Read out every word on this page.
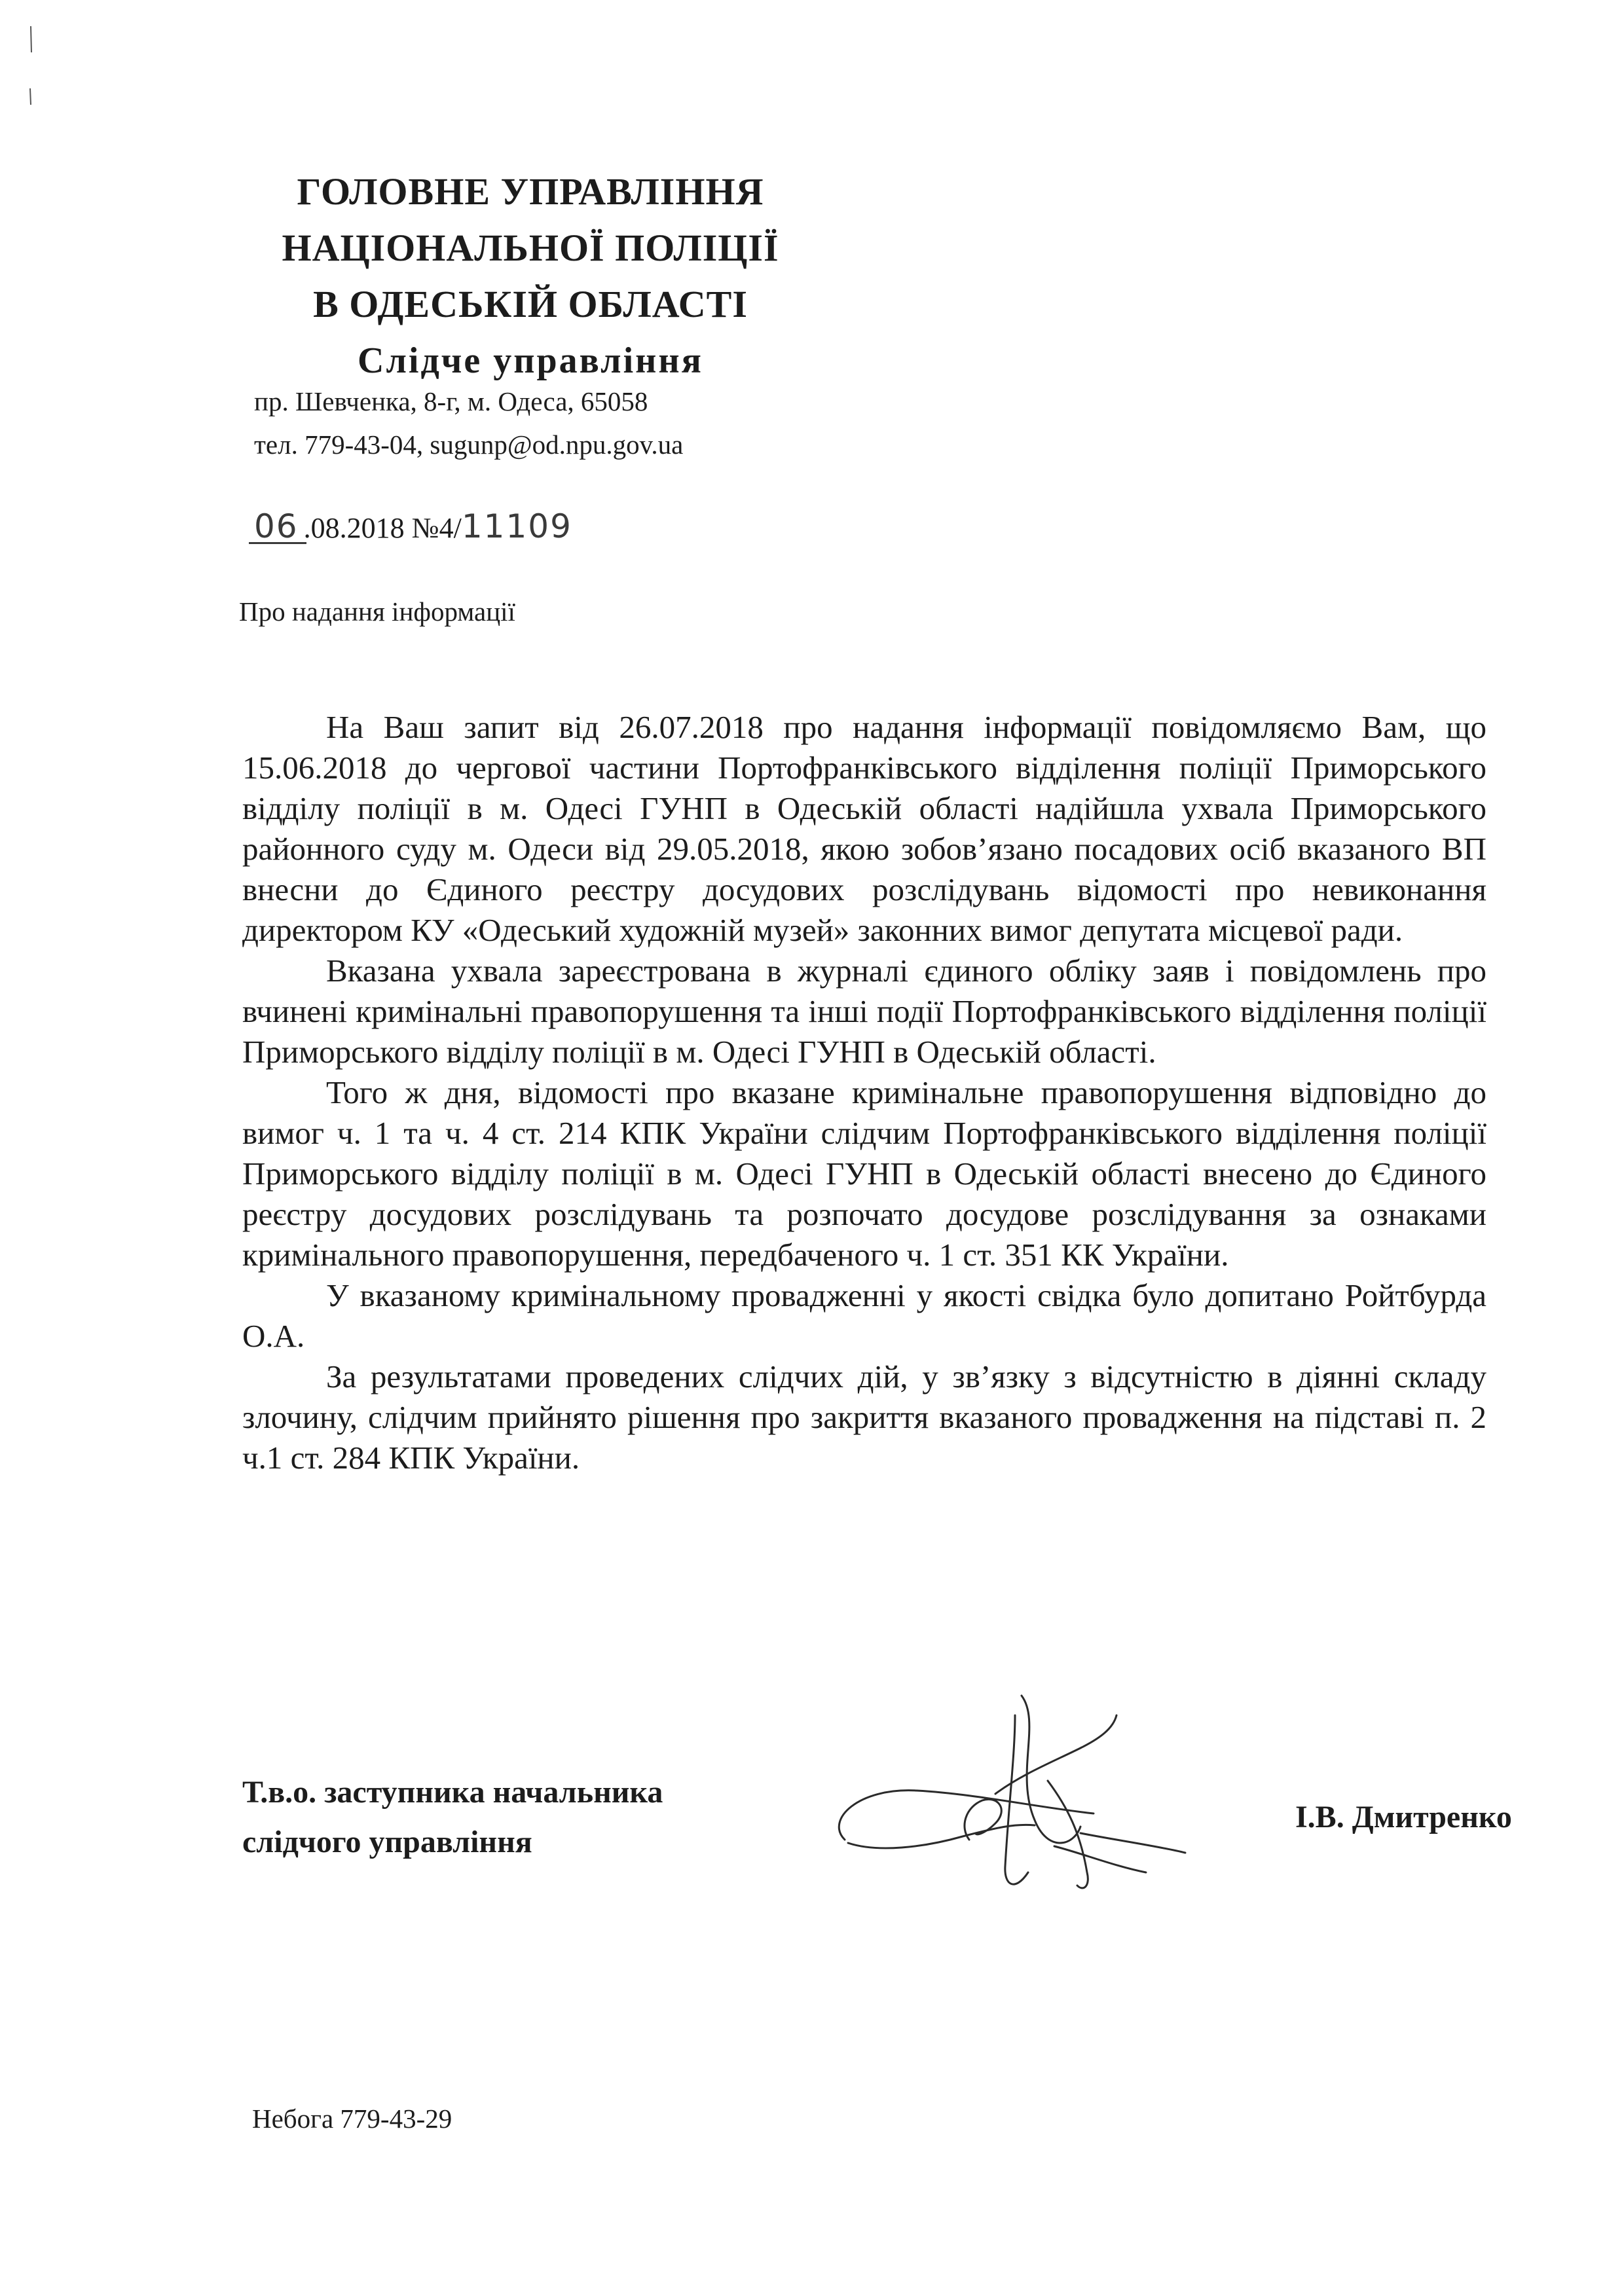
ГОЛОВНЕ УПРАВЛІННЯ
НАЦІОНАЛЬНОЇ ПОЛІЦІЇ
В ОДЕСЬКІЙ ОБЛАСТІ
Слідче управління
пр. Шевченка, 8-г, м. Одеса, 65058
тел. 779-43-04, sugunp@od.npu.gov.ua
06 .08.2018 №4/11109
Про надання інформації

На Ваш запит від 26.07.2018 про надання інформації повідомляємо Вам, що 15.06.2018 до чергової частини Портофранківського відділення поліції Приморського відділу поліції в м. Одесі ГУНП в Одеській області надійшла ухвала Приморського районного суду м. Одеси від 29.05.2018, якою зобов’язано посадових осіб вказаного ВП внесни до Єдиного реєстру досудових розслідувань відомості про невиконання директором КУ «Одеський художній музей» законних вимог депутата місцевої ради.

Вказана ухвала зареєстрована в журналі єдиного обліку заяв і повідомлень про вчинені кримінальні правопорушення та інші події Портофранківського відділення поліції Приморського відділу поліції в м. Одесі ГУНП в Одеській області.

Того ж дня, відомості про вказане кримінальне правопорушення відповідно до вимог ч. 1 та ч. 4 ст. 214 КПК України слідчим Портофранківського відділення поліції Приморського відділу поліції в м. Одесі ГУНП в Одеській області внесено до Єдиного реєстру досудових розслідувань та розпочато досудове розслідування за ознаками кримінального правопорушення, передбаченого ч. 1 ст. 351 КК України.

У вказаному кримінальному провадженні у якості свідка було допитано Ройтбурда О.А.

За результатами проведених слідчих дій, у зв’язку з відсутністю в діянні складу злочину, слідчим прийнято рішення про закриття вказаного провадження на підставі п. 2 ч.1 ст. 284 КПК України.

Т.в.о. заступника начальника
слідчого управління
І.В. Дмитренко
Небога 779-43-29
